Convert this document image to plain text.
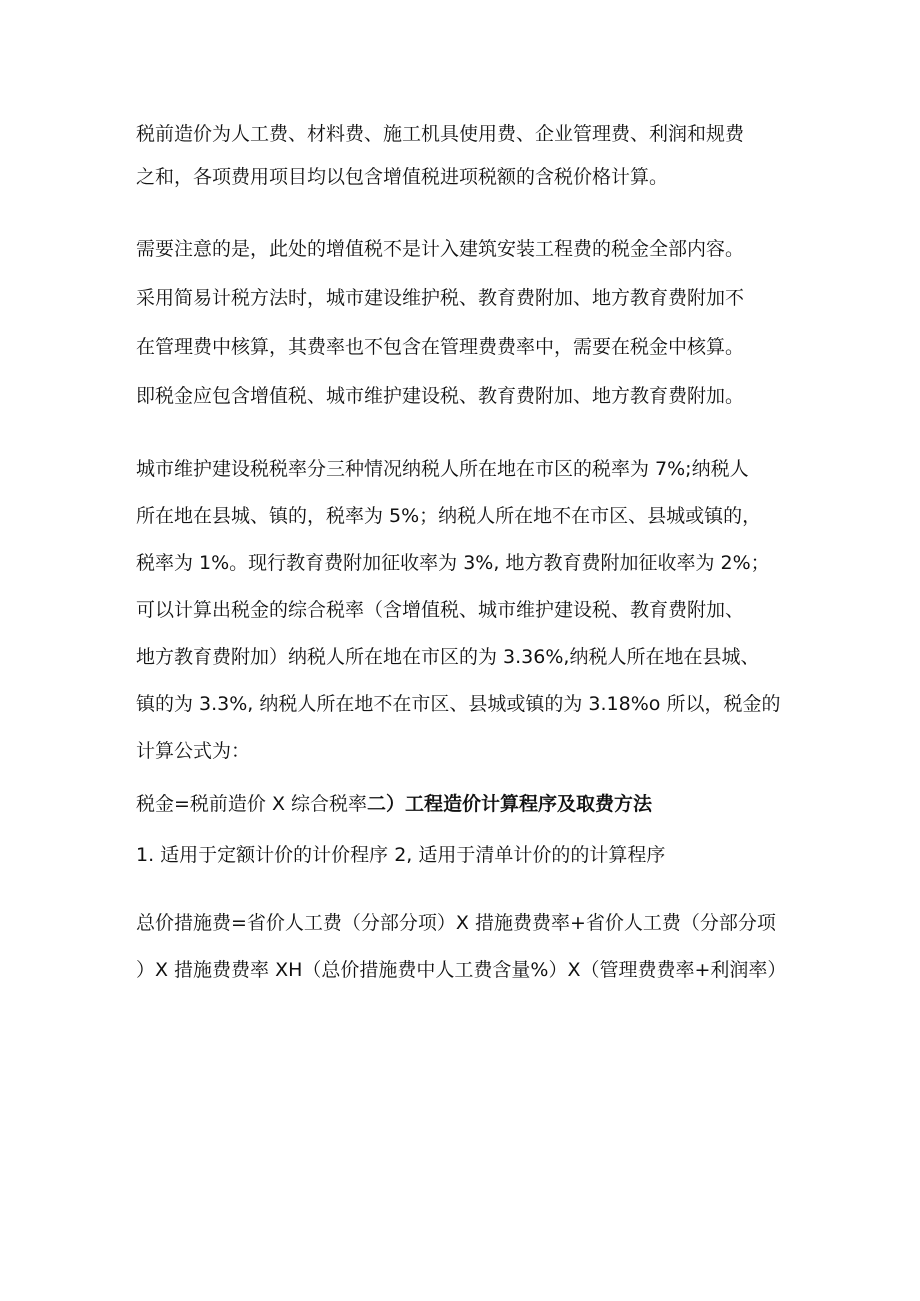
税前造价为人工费、材料费、施工机具使用费、企业管理费、利润和规费
之和，各项费用项目均以包含增值税进项税额的含税价格计算。
需要注意的是，此处的增值税不是计入建筑安装工程费的税金全部内容。
采用简易计税方法时，城市建设维护税、教育费附加、地方教育费附加不
在管理费中核算，其费率也不包含在管理费费率中，需要在税金中核算。
即税金应包含增值税、城市维护建设税、教育费附加、地方教育费附加。
城市维护建设税税率分三种情况纳税人所在地在市区的税率为 7%;纳税人
所在地在县城、镇的，税率为 5%；纳税人所在地不在市区、县城或镇的，
税率为 1%。现行教育费附加征收率为 3%, 地方教育费附加征收率为 2%；
可以计算出税金的综合税率（含增值税、城市维护建设税、教育费附加、
地方教育费附加）纳税人所在地在市区的为 3.36%,纳税人所在地在县城、
镇的为 3.3%, 纳税人所在地不在市区、县城或镇的为 3.18%o 所以，税金的
计算公式为：
税金=税前造价 X 综合税率二）工程造价计算程序及取费方法
1. 适用于定额计价的计价程序 2, 适用于清单计价的的计算程序
总价措施费=省价人工费（分部分项）X 措施费费率+省价人工费（分部分项
）X 措施费费率 XH（总价措施费中人工费含量%）X（管理费费率+利润率）
